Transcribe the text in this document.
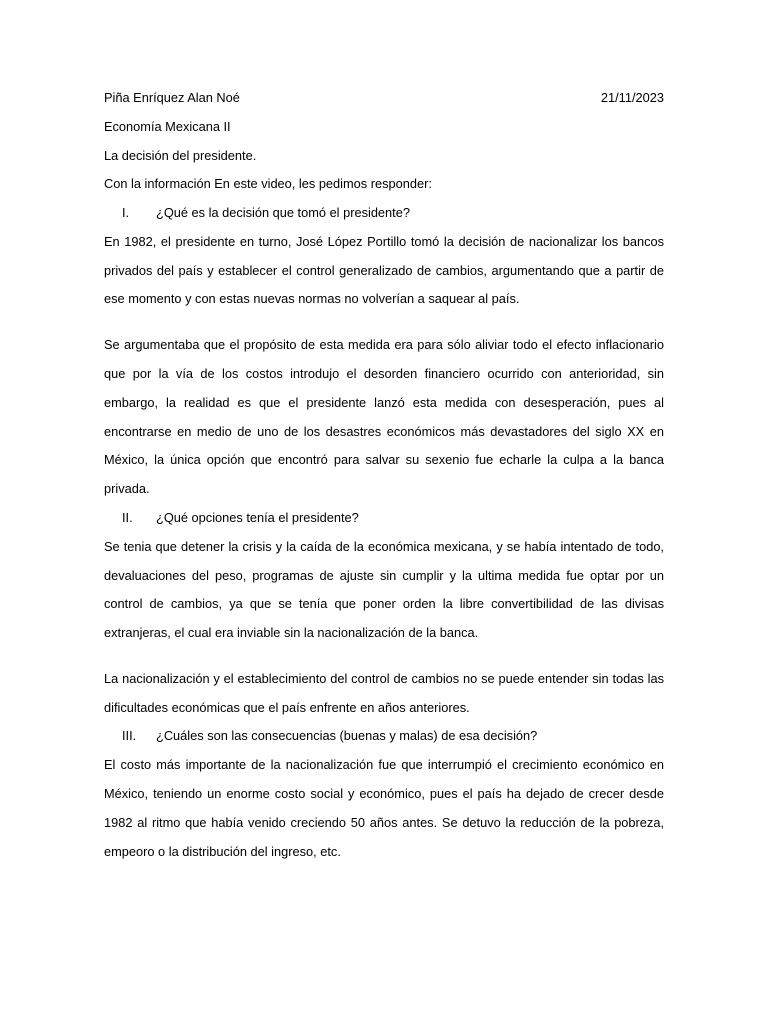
Piña Enríquez Alan Noé	21/11/2023
Economía Mexicana II
La decisión del presidente.
Con la información En este video, les pedimos responder:
I.	¿Qué es la decisión que tomó el presidente?

En 1982, el presidente en turno, José López Portillo tomó la decisión de nacionalizar los bancos privados del país y establecer el control generalizado de cambios, argumentando que a partir de ese momento y con estas nuevas normas no volverían a saquear al país.

Se argumentaba que el propósito de esta medida era para sólo aliviar todo el efecto inflacionario que por la vía de los costos introdujo el desorden financiero ocurrido con anterioridad, sin embargo, la realidad es que el presidente lanzó esta medida con desesperación, pues al encontrarse en medio de uno de los desastres económicos más devastadores del siglo XX en México, la única opción que encontró para salvar su sexenio fue echarle la culpa a la banca privada.

II.	¿Qué opciones tenía el presidente?

Se tenia que detener la crisis y la caída de la económica mexicana, y se había intentado de todo, devaluaciones del peso, programas de ajuste sin cumplir y la ultima medida fue optar por un control de cambios, ya que se tenía que poner orden la libre convertibilidad de las divisas extranjeras, el cual era inviable sin la nacionalización de la banca.

La nacionalización y el establecimiento del control de cambios no se puede entender sin todas las dificultades económicas que el país enfrente en años anteriores.

III.	¿Cuáles son las consecuencias (buenas y malas) de esa decisión?

El costo más importante de la nacionalización fue que interrumpió el crecimiento económico en México, teniendo un enorme costo social y económico, pues el país ha dejado de crecer desde 1982 al ritmo que había venido creciendo 50 años antes. Se detuvo la reducción de la pobreza, empeoro o la distribución del ingreso, etc.
